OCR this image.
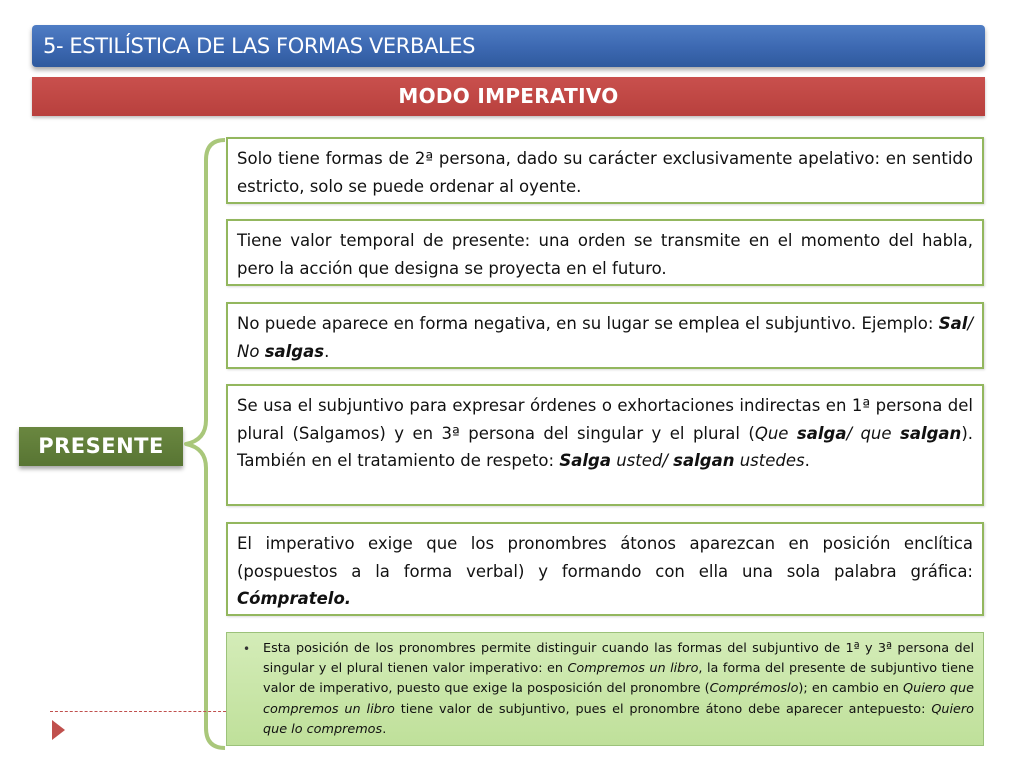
5- ESTILÍSTICA DE LAS FORMAS VERBALES
MODO IMPERATIVO
PRESENTE
Solo tiene formas de 2ª persona, dado su carácter exclusivamente apelativo: en sentido estricto, solo se puede ordenar al oyente.
Tiene valor temporal de presente: una orden se transmite en el momento del habla, pero la acción que designa se proyecta en el futuro.
No puede aparece en forma negativa, en su lugar se emplea el subjuntivo. Ejemplo: Sal/ No salgas.
Se usa el subjuntivo para expresar órdenes o exhortaciones indirectas en 1ª persona del plural (Salgamos) y en 3ª persona del singular y el plural (Que salga/ que salgan). También en el tratamiento de respeto: Salga usted/ salgan ustedes.
El imperativo exige que los pronombres átonos aparezcan en posición enclítica (pospuestos a la forma verbal) y formando con ella una sola palabra gráfica: Cómpratelo.
• Esta posición de los pronombres permite distinguir cuando las formas del subjuntivo de 1ª y 3ª persona del singular y el plural tienen valor imperativo: en Compremos un libro, la forma del presente de subjuntivo tiene valor de imperativo, puesto que exige la posposición del pronombre (Comprémoslo); en cambio en Quiero que compremos un libro tiene valor de subjuntivo, pues el pronombre átono debe aparecer antepuesto: Quiero que lo compremos.
